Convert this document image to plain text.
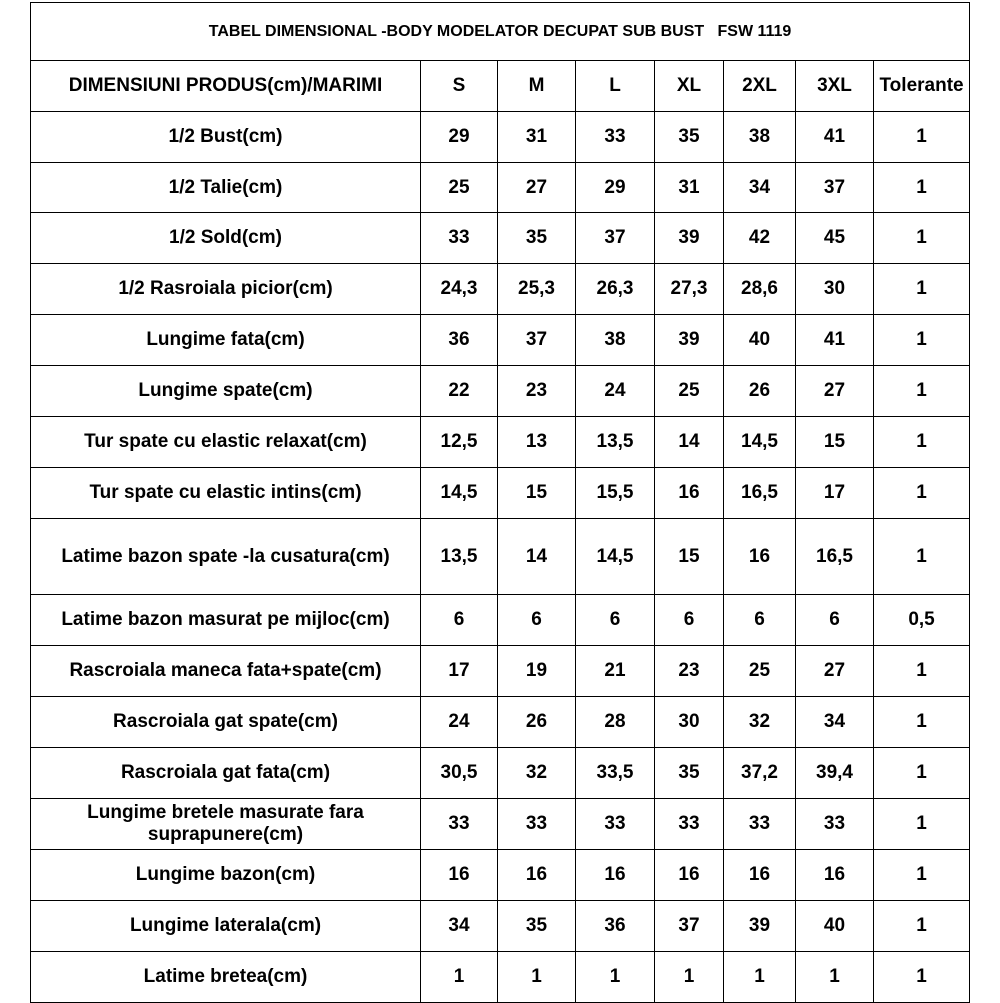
TABEL DIMENSIONAL -BODY MODELATOR DECUPAT SUB BUST   FSW 1119							
DIMENSIUNI PRODUS(cm)/MARIMI	S	M	L	XL	2XL	3XL	Tolerante
1/2 Bust(cm)	29	31	33	35	38	41	1
1/2 Talie(cm)	25	27	29	31	34	37	1
1/2 Sold(cm)	33	35	37	39	42	45	1
1/2 Rasroiala picior(cm)	24,3	25,3	26,3	27,3	28,6	30	1
Lungime fata(cm)	36	37	38	39	40	41	1
Lungime spate(cm)	22	23	24	25	26	27	1
Tur spate cu elastic relaxat(cm)	12,5	13	13,5	14	14,5	15	1
Tur spate cu elastic intins(cm)	14,5	15	15,5	16	16,5	17	1
Latime bazon spate -la cusatura(cm)	13,5	14	14,5	15	16	16,5	1
Latime bazon masurat pe mijloc(cm)	6	6	6	6	6	6	0,5
Rascroiala maneca fata+spate(cm)	17	19	21	23	25	27	1
Rascroiala gat spate(cm)	24	26	28	30	32	34	1
Rascroiala gat fata(cm)	30,5	32	33,5	35	37,2	39,4	1
Lungime bretele masurate fara suprapunere(cm)	33	33	33	33	33	33	1
Lungime bazon(cm)	16	16	16	16	16	16	1
Lungime laterala(cm)	34	35	36	37	39	40	1
Latime bretea(cm)	1	1	1	1	1	1	1
